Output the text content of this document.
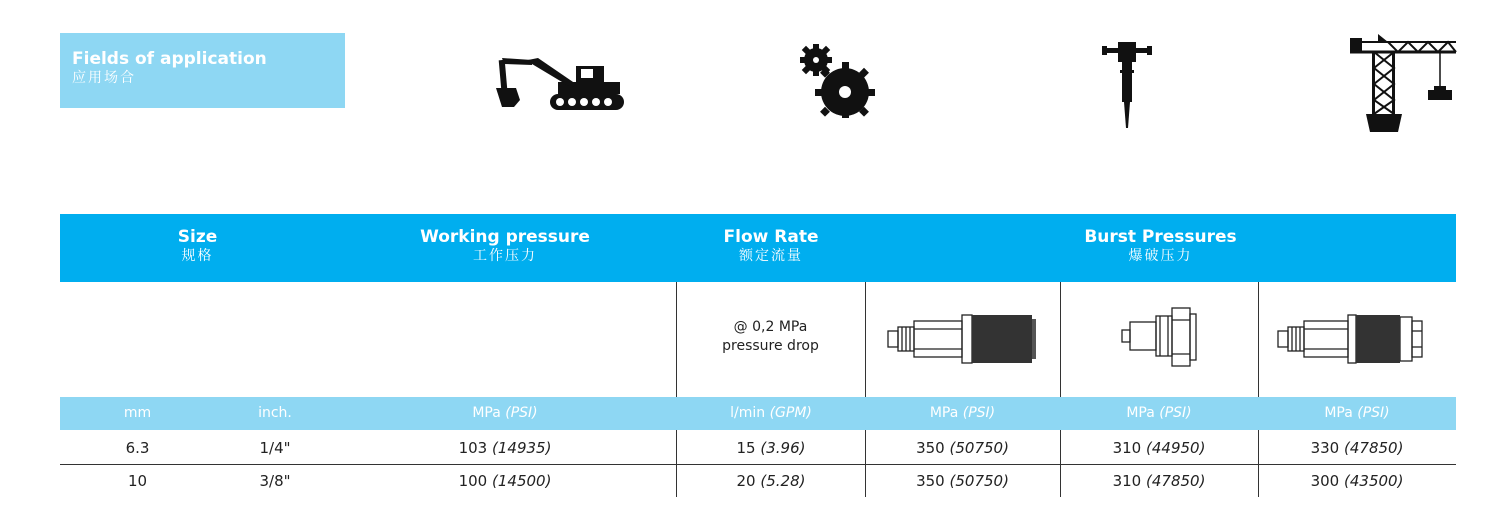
Fields of application
应用场合
Size
规格
Working pressure
工作压力
Flow Rate
额定流量
Burst Pressures
爆破压力
@ 0,2 MPa
pressure drop
mm	inch.	MPa (PSI)	l/min (GPM)	MPa (PSI)	MPa (PSI)	MPa (PSI)
6.3	1/4"	103 (14935)	15 (3.96)	350 (50750)	310 (44950)	330 (47850)
10	3/8"	100 (14500)	20 (5.28)	350 (50750)	310 (47850)	300 (43500)
